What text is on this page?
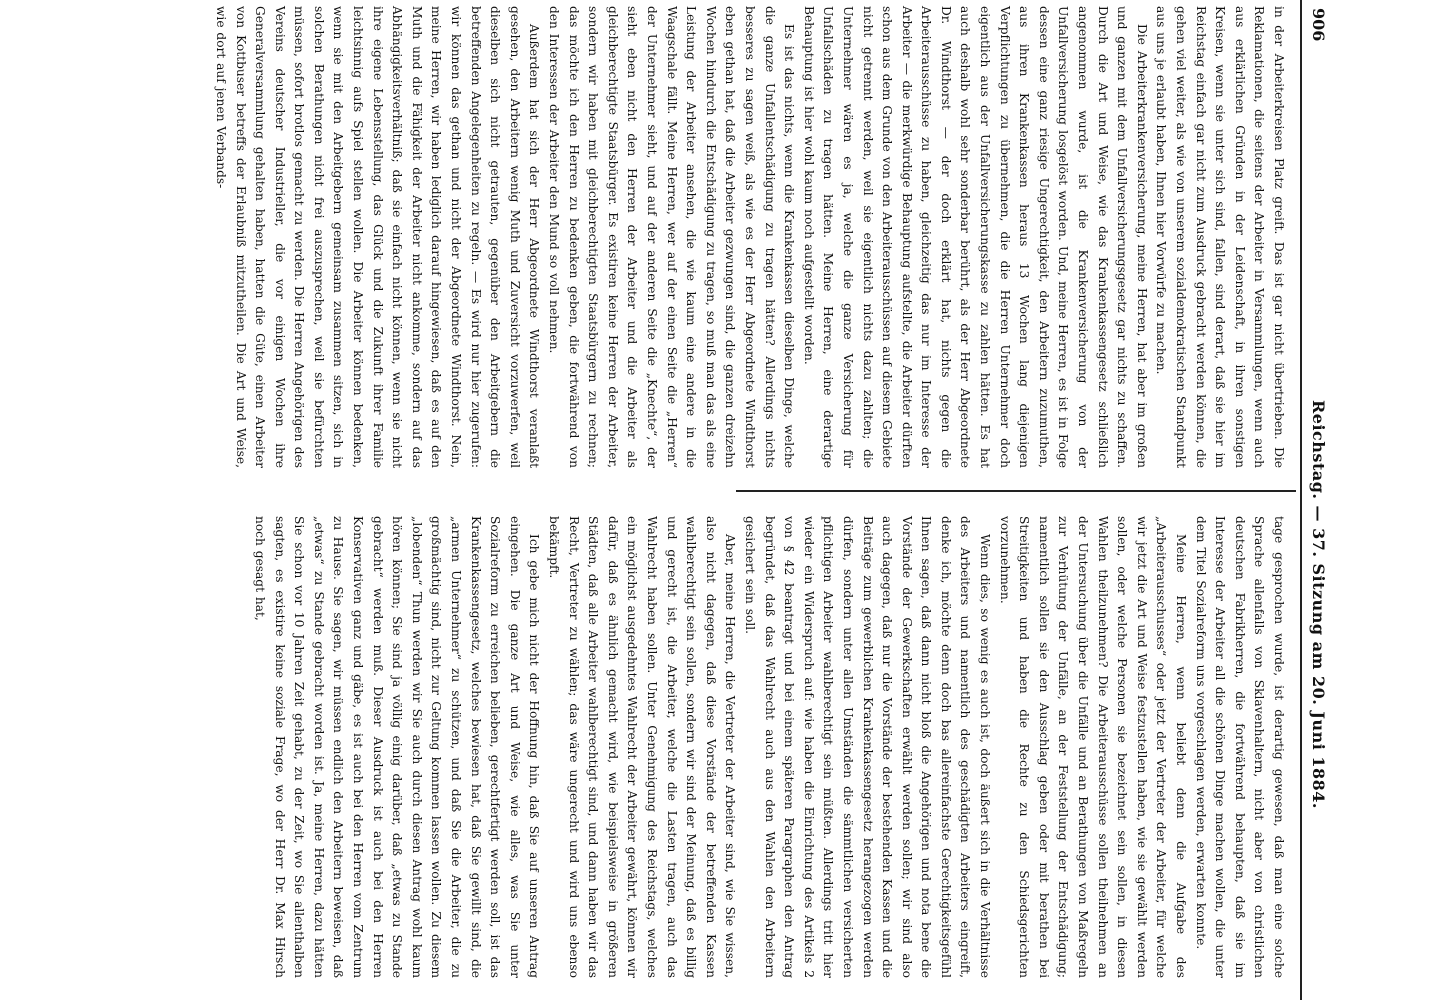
906
Reichstag. — 37. Sitzung am 20. Juni 1884.

in der Arbeiterkreisen Platz greift. Das ist gar nicht übertrieben. Die Reklamationen, die seitens der Arbeiter in Versammlungen, wenn auch aus erklärlichen Gründen in der Leidenschaft, in ihren sonstigen Kreisen, wenn sie unter sich sind, fallen, sind derart, daß sie hier im Reichstag einfach gar nicht zum Ausdruck gebracht werden können, die gehen viel weiter, als wie von unserem sozialdemokratischen Standpunkt aus uns je erlaubt haben, Ihnen hier Vorwürfe zu machen.

Die Arbeiterkrankenversicherung, meine Herren, hat aber im großen und ganzen mit dem Unfallversicherungsgesetz gar nichts zu schaffen. Durch die Art und Weise, wie das Krankenkassengesetz schließlich angenommen wurde, ist die Krankenversicherung von der Unfallversicherung losgelöst worden. Und, meine Herren, es ist in Folge dessen eine ganz riesige Ungerechtigkeit, den Arbeitern zuzumuthen, aus ihren Krankenkassen heraus 13 Wochen lang diejenigen Verpflichtungen zu übernehmen, die die Herren Unternehmer doch eigentlich aus der Unfallversicherungskasse zu zahlen hätten. Es hat auch deshalb wohl sehr sonderbar berührt, als der Herr Abgeordnete Dr. Windthorst — der doch erklärt hat, nichts gegen die Arbeiterausschüsse zu haben, gleichzeitig das nur im Interesse der Arbeiter — die merkwürdige Behauptung aufstellte, die Arbeiter dürften schon aus dem Grunde von den Arbeiterausschüssen auf diesem Gebiete nicht getrennt werden, weil sie eigentlich nichts dazu zahlten; die Unternehmer wären es ja, welche die ganze Versicherung für Unfallschäden zu tragen hätten. Meine Herren, eine derartige Behauptung ist hier wohl kaum noch aufgestellt worden.

Es ist das nichts, wenn die Krankenkassen dieselben Dinge, welche die ganze Unfallentschädigung zu tragen hätten? Allerdings nichts besseres zu sagen weiß, als wie es der Herr Abgeordnete Windthorst eben gethan hat, daß die Arbeiter gezwungen sind, die ganzen dreizehn Wochen hindurch die Entschädigung zu tragen, so muß man das als eine Leistung der Arbeiter ansehen, die wie kaum eine andere in die Waagschale fällt. Meine Herren, wer auf der einen Seite die „Herren“ der Unternehmer sieht, und auf der anderen Seite die „Knechte“, der sieht eben nicht den Herren der Arbeiter und die Arbeiter als gleichberechtigte Staatsbürger. Es existiren keine Herren der Arbeiter, sondern wir haben mit gleichberechtigten Staatsbürgern zu rechnen; das möchte ich den Herren zu bedenken geben, die fortwährend von den Interessen der Arbeiter den Mund so voll nehmen.

Außerdem hat sich der Herr Abgeordnete Windthorst veranlaßt gesehen, den Arbeitern wenig Muth und Zuversicht vorzuwerfen, weil dieselben sich nicht getrauten, gegenüber den Arbeitgebern die betreffenden Angelegenheiten zu regeln. — Es wird nur hier zugerufen: wir können das gethan und nicht der Abgeordnete Windthorst. Nein, meine Herren, wir haben lediglich darauf hingewiesen, daß es auf den Muth und die Fähigkeit der Arbeiter nicht ankomme, sondern auf das Abhängigkeitsverhältniß; daß sie einfach nicht können, wenn sie nicht ihre eigene Lebensstellung, das Glück und die Zukunft ihrer Familie leichtsinnig aufs Spiel stellen wollen. Die Arbeiter können bedenken, wenn sie mit den Arbeitgebern gemeinsam zusammen sitzen, sich in solchen Berathungen nicht frei auszusprechen, weil sie befürchten müssen, sofort brotlos gemacht zu werden. Die Herren Angehörigen des Vereins deutscher Industrieller, die vor einigen Wochen ihre Generalversammlung gehalten haben, hatten die Güte, einen Arbeiter von Kottbuser betreffs der Erlaubniß mitzutheilen. Die Art und Weise, wie dort auf jenen Verbands-

tage gesprochen wurde, ist derartig gewesen, daß man eine solche Sprache allenfalls von Sklavenhaltern, nicht aber von christlichen deutschen Fabrikherren, die fortwährend behaupten, daß sie im Interesse der Arbeiter all die schönen Dinge machen wollen, die unter dem Titel Sozialreform uns vorgeschlagen werden, erwarten konnte.

Meine Herren, wenn beliebt denn die Aufgabe des „Arbeiterausschusses“ oder jetzt der Vertreter der Arbeiter, für welche wir jetzt die Art und Weise festzustellen haben, wie sie gewählt werden sollen, oder welche Personen sie bezeichnet sein sollen, in diesen Wahlen theilzunehmen? Die Arbeiterausschüsse sollen theilnehmen an der Untersuchung über die Unfälle und an Berathungen von Maßregeln zur Verhütung der Unfälle, an der Feststellung der Entschädigung; namentlich sollen sie den Ausschlag geben oder mit berathen bei Streitigkeiten und haben die Rechte zu den Schiedsgerichten vorzunehmen.

Wenn dies, so wenig es auch ist, doch äußert sich in die Verhältnisse des Arbeiters und namentlich des geschädigten Arbeiters eingreift, denke ich, möchte denn doch bas allereinfachste Gerechtigkeitsgefühl Ihnen sagen, daß dann nicht bloß die Angehörigen und nota bene die Vorstände der Gewerkschaften erwählt werden sollen; wir sind also auch dagegen, daß nur die Vorstände der bestehenden Kassen und die Beiträge zum gewerblichen Krankenkassengesetz herangezogen werden dürfen, sondern unter allen Umständen die sämmtlichen versicherten pflichtigen Arbeiter wahlberechtigt sein müßten. Allerdings tritt hier wieder ein Widerspruch auf: wie haben die Einrichtung des Artikels 2 von § 42 beantragt und bei einem späteren Paragraphen den Antrag begründet, daß das Wahlrecht auch aus den Wahlen den Arbeitern gesichert sein soll.

Aber, meine Herren, die Vertreter der Arbeiter sind, wie Sie wissen, also nicht dagegen, daß diese Vorstände der betreffenden Kassen wahlberechtigt sein sollen, sondern wir sind der Meinung, daß es billig und gerecht ist, die Arbeiter, welche die Lasten tragen, auch das Wahlrecht haben sollen. Unter Genehmigung des Reichstags, welches ein möglichst ausgedehntes Wahlrecht der Arbeiter gewährt, können wir dafür, daß es ähnlich gemacht wird, wie beispielsweise in größeren Städten, daß alle Arbeiter wahlberechtigt sind, und dann haben wir das Recht, Vertreter zu wählen; das wäre ungerecht und wird uns ebenso bekämpft.

Ich gebe mich nicht der Hoffnung hin, daß Sie auf unseren Antrag eingehen. Die ganze Art und Weise, wie alles, was Sie unter Sozialreform zu erreichen belieben, gerechtfertigt werden soll, ist das Krankenkassengesetz, welches bewiesen hat, daß Sie gewillt sind, die „armen Unternehmer“ zu schützen, und daß Sie die Arbeiter, die zu großmächtig sind, nicht zur Geltung kommen lassen wollen. Zu diesem „lobenden“ Thun werden wir Sie auch durch diesen Antrag wohl kaum hören können; Sie sind ja völlig einig darüber, daß „etwas zu Stande gebracht“ werden muß. Dieser Ausdruck ist auch bei den Herren Konservativen ganz und gäbe, es ist auch bei den Herren vom Zentrum zu Hause. Sie sagen, wir müssen endlich den Arbeitern beweisen, daß „etwas“ zu Stande gebracht worden ist. Ja, meine Herren, dazu hätten Sie schon vor 10 Jahren Zeit gehabt, zu der Zeit, wo Sie allenthalben sagten, es existire keine soziale Frage, wo der Herr Dr. Max Hirsch noch gesagt hat,
